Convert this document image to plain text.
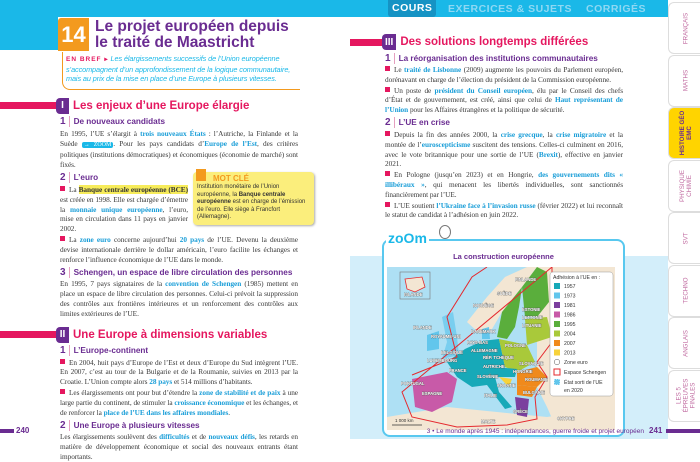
COURS	EXERCICES & SUJETS CORRIGÉS
14 Le projet européen depuis
le traité de Maastricht
EN BREF ▸ Les élargissements successifs de l’Union européenne s’accompagnent d’un approfondissement de la logique communautaire, mais au prix de la mise en place d’une Europe à plusieurs vitesses.
I Les enjeux d’une Europe élargie
1 De nouveaux candidats
En 1995, l’UE s’élargit à trois nouveaux États : l’Autriche, la Finlande et la Suède → ZOOM . Pour les pays candidats d’Europe de l’Est, des critères politiques (institutions démocratiques) et économiques (économie de marché) sont fixés.
2 L’euro
La Banque centrale européenne (BCE) est créée en 1998. Elle est chargée d’émettre la monnaie unique européenne, l’euro, mise en circulation dans 11 pays en janvier 2002.
MOT CLÉ
Institution monétaire de l’Union européenne, la Banque centrale européenne est en charge de l’émission de l’euro. Elle siège à Francfort (Allemagne).
La zone euro concerne aujourd’hui 20 pays de l’UE. Devenu la deuxième devise internationale derrière le dollar américain, l’euro facilite les échanges et renforce l’influence économique de l’UE dans le monde.
3 Schengen, un espace de libre circulation des personnes
En 1995, 7 pays signataires de la convention de Schengen (1985) mettent en place un espace de libre circulation des personnes. Celui-ci prévoit la suppression des contrôles aux frontières intérieures et un renforcement des contrôles aux limites extérieures de l’UE.
II Une Europe à dimensions variables
1 L’Europe-continent
En 2004, huit pays d’Europe de l’Est et deux d’Europe du Sud intègrent l’UE. En 2007, c’est au tour de la Bulgarie et de la Roumanie, suivies en 2013 par la Croatie. L’Union compte alors 28 pays et 514 millions d’habitants.
Les élargissements ont pour but d’étendre la zone de stabilité et de paix à une large partie du continent, de stimuler la croissance économique et les échanges, et de renforcer la place de l’UE dans les affaires mondiales.
2 Une Europe à plusieurs vitesses
Les élargissements soulèvent des difficultés et de nouveaux défis, les retards en matière de développement économique et social des nouveaux entrants étant importants.
240
III Des solutions longtemps différées
1 La réorganisation des institutions communautaires
Le traité de Lisbonne (2009) augmente les pouvoirs du Parlement européen, dorénavant en charge de l’élection du président de la Commission européenne.
Un poste de président du Conseil européen, élu par le Conseil des chefs d’État et de gouvernement, est créé, ainsi que celui de Haut représentant de l’Union pour les Affaires étrangères et la politique de sécurité.
2 L’UE en crise
Depuis la fin des années 2000, la crise grecque, la crise migratoire et la montée de l’euroscepticisme suscitent des tensions. Celles-ci culminent en 2016, avec le vote britannique pour une sortie de l’UE (Brexit), effective en janvier 2021.
En Pologne (jusqu’en 2023) et en Hongrie, des gouvernements dits « illibéraux », qui menacent les libertés individuelles, sont sanctionnés financièrement par l’UE.
L’UE soutient l’Ukraine face à l’invasion russe (février 2022) et lui reconnaît le statut de candidat à l’adhésion en juin 2022.
zoOm
La construction européenne
ISLANDE
FINLANDE
SUÈDE
NORVÈGE
ESTONIE
LETTONIE
LITUANIE
IRLANDE
ROYAUME-UNI
DANEMARK
PAYS-BAS
ALLEMAGNE
POLOGNE
BELGIQUE
LUXEMBOURG
RÉP. TCHÈQUE
SLOVAQUIE
FRANCE
AUTRICHE
HONGRIE
SLOVÉNIE
ROUMANIE
CROATIE
BULGARIE
PORTUGAL
ESPAGNE	ITALIE
GRÈCE
MALTE
CHYPRE
1 000 km
Adhésion à l’UE en :
1957
1973
1981
1986
1995
2004
2007
2013
Zone euro
Espace Schengen
État sorti de l’UE
en 2020
FRANÇAIS
MATHS
HISTOIRE GÉO EMC
PHYSIQUE CHIMIE
SVT
TECHNO
ANGLAIS
LES 5 ÉPREUVES FINALES
3 • Le monde après 1945 : indépendances, guerre froide et projet européen 241
